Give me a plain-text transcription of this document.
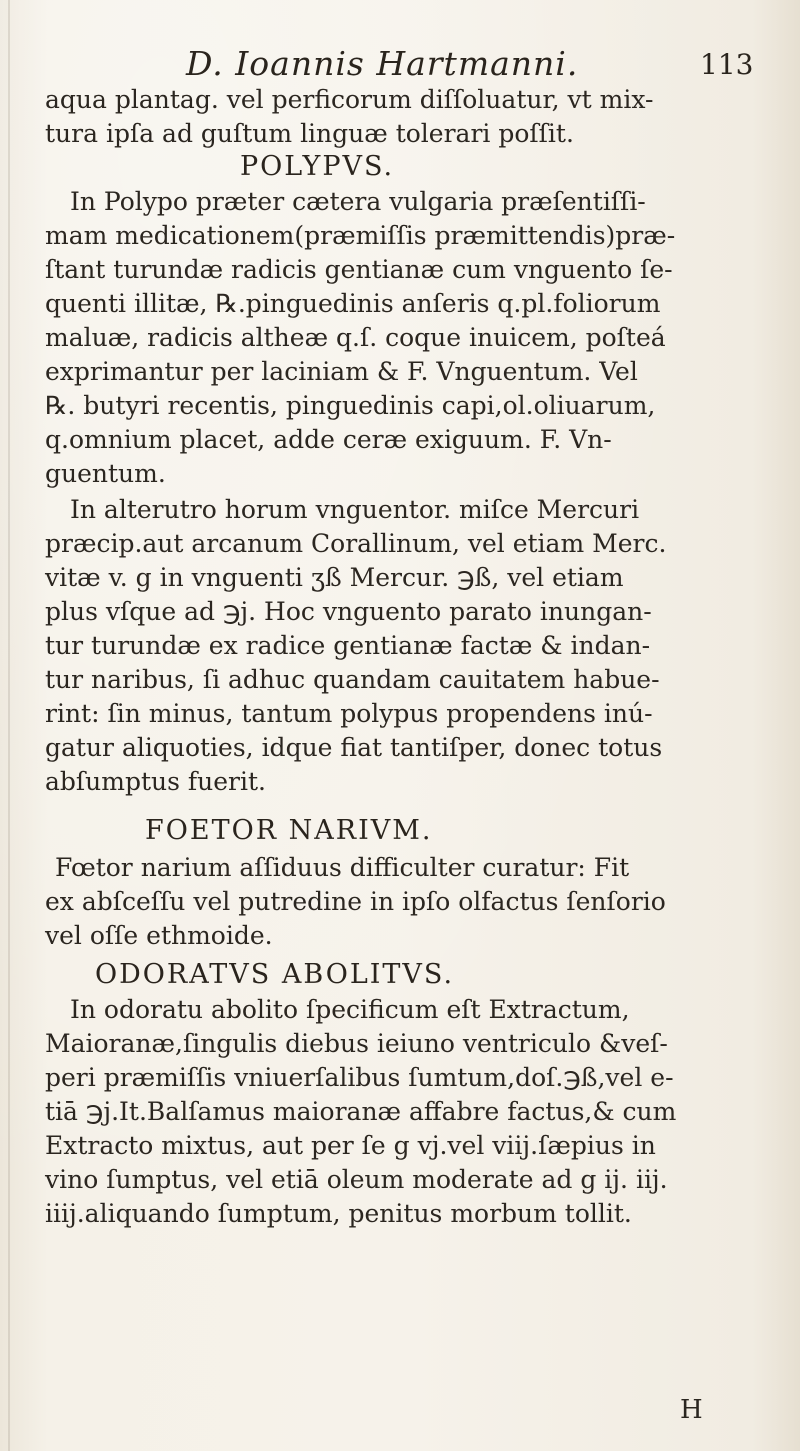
D. Ioannis Hartmanni.	113
aqua plantag. vel perficorum diſſoluatur, vt mix-
tura ipſa ad guſtum linguæ tolerari poſſit.
POLYPVS.
In Polypo præter cætera vulgaria præſentiſſi-
mam medicationem(præmiſſis præmittendis)præ-
ſtant turundæ radicis gentianæ cum vnguento ſe-
quenti illitæ, ℞.pinguedinis anſeris q.pl.foliorum
maluæ, radicis altheæ q.ſ. coque inuicem, poſteá
exprimantur per laciniam & F. Vnguentum. Vel
℞. butyri recentis, pinguedinis capi,ol.oliuarum,
q.omnium placet, adde ceræ exiguum. F. Vn-
guentum.
In alterutro horum vnguentor. miſce Mercuri
præcip.aut arcanum Corallinum, vel etiam Merc.
vitæ v. g in vnguenti ʒß Mercur. ℈ß, vel etiam
plus vſque ad ℈j. Hoc vnguento parato inungan-
tur turundæ ex radice gentianæ factæ & indan-
tur naribus, ſi adhuc quandam cauitatem habue-
rint: ſin minus, tantum polypus propendens inú-
gatur aliquoties, idque fiat tantiſper, donec totus
abſumptus fuerit.
FOETOR NARIVM.
Fœtor narium aſſiduus difficulter curatur: Fit
ex abſceſſu vel putredine in ipſo olfactus ſenſorio
vel oſſe ethmoide.
ODORATVS ABOLITVS.
In odoratu abolito ſpecificum eſt Extractum,
Maioranæ,ſingulis diebus ieiuno ventriculo &veſ-
peri præmiſſis vniuerſalibus ſumtum,doſ.℈ß,vel e-
tiā ℈j.It.Balſamus maioranæ affabre factus,& cum
Extracto mixtus, aut per ſe g vj.vel viij.ſæpius in
vino ſumptus, vel etiā oleum moderate ad g ij. iij.
iiij.aliquando ſumptum, penitus morbum tollit.
H
